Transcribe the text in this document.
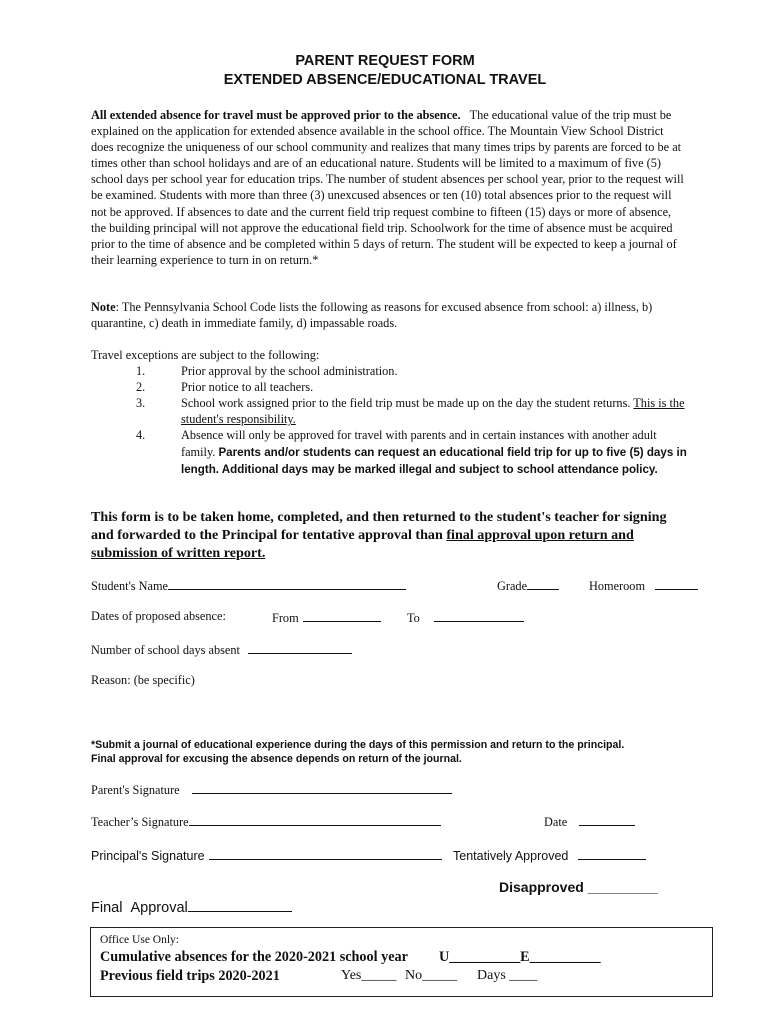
PARENT REQUEST FORM
EXTENDED ABSENCE/EDUCATIONAL TRAVEL
All extended absence for travel must be approved prior to the absence. The educational value of the trip must be explained on the application for extended absence available in the school office. The Mountain View School District does recognize the uniqueness of our school community and realizes that many times trips by parents are forced to be at times other than school holidays and are of an educational nature. Students will be limited to a maximum of five (5) school days per school year for education trips. The number of student absences per school year, prior to the request will be examined. Students with more than three (3) unexcused absences or ten (10) total absences prior to the request will not be approved. If absences to date and the current field trip request combine to fifteen (15) days or more of absence, the building principal will not approve the educational field trip. Schoolwork for the time of absence must be acquired prior to the time of absence and be completed within 5 days of return. The student will be expected to keep a journal of their learning experience to turn in on return.*
Note: The Pennsylvania School Code lists the following as reasons for excused absence from school: a) illness, b) quarantine, c) death in immediate family, d) impassable roads.
Travel exceptions are subject to the following:
1.	Prior approval by the school administration.
2.	Prior notice to all teachers.
3.	School work assigned prior to the field trip must be made up on the day the student returns. This is the student's responsibility.
4.	Absence will only be approved for travel with parents and in certain instances with another adult family. Parents and/or students can request an educational field trip for up to five (5) days in length. Additional days may be marked illegal and subject to school attendance policy.
This form is to be taken home, completed, and then returned to the student's teacher for signing and forwarded to the Principal for tentative approval than final approval upon return and submission of written report.
Student's Name	Grade	Homeroom
Dates of proposed absence:	From	To
Number of school days absent
Reason: (be specific)
*Submit a journal of educational experience during the days of this permission and return to the principal.
Final approval for excusing the absence depends on return of the journal.
Parent's Signature
Teacher’s Signature	Date
Principal's Signature	Tentatively Approved
Disapproved _________
Final Approval
Office Use Only:
Cumulative absences for the 2020-2021 school year U__________E__________
Previous field trips 2020-2021	Yes_____ No_____ Days ____
